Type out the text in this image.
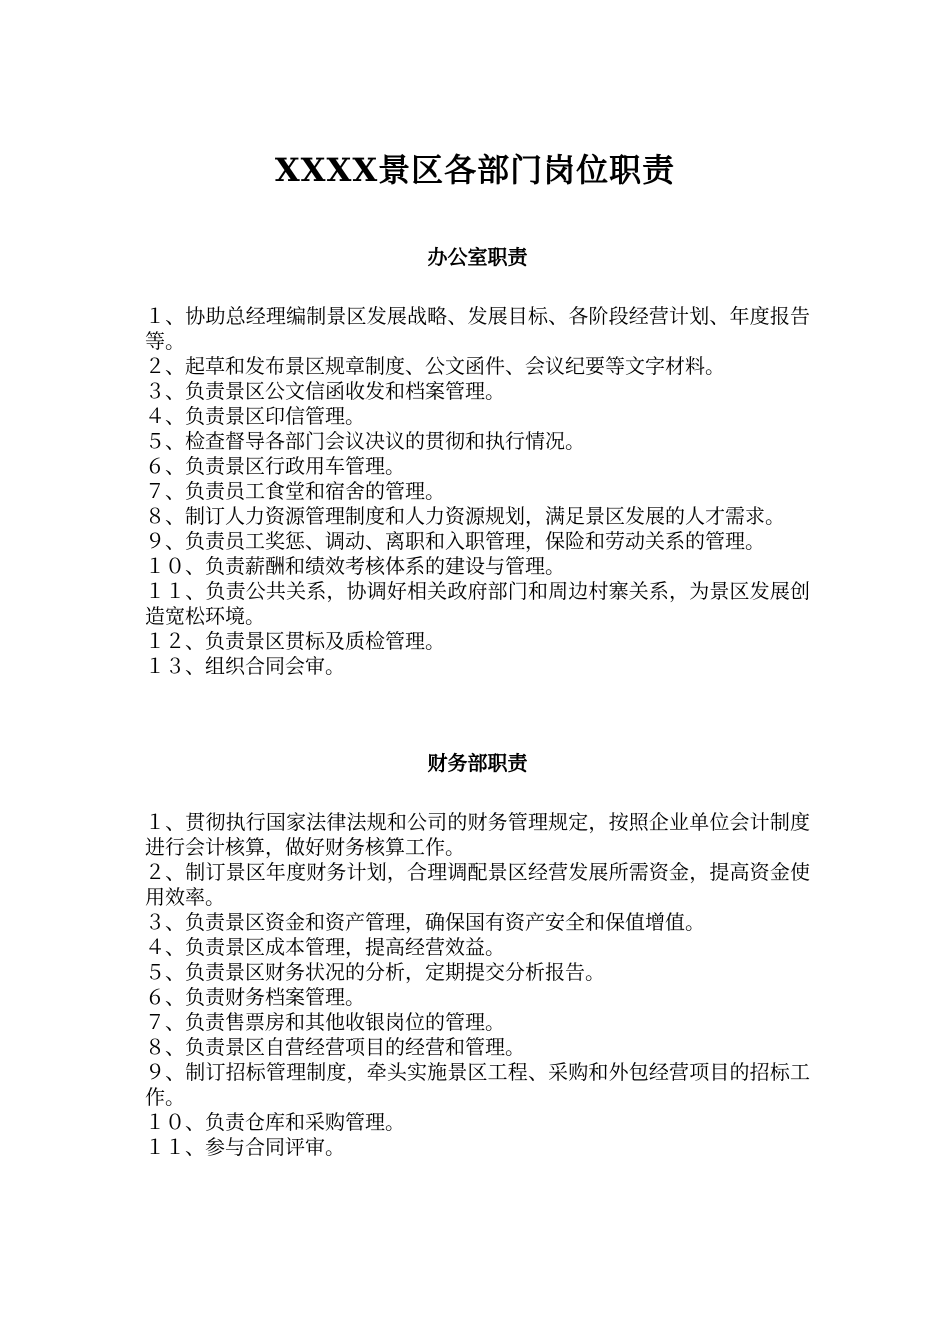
XXXX景区各部门岗位职责
办公室职责
１、协助总经理编制景区发展战略、发展目标、各阶段经营计划、年度报告等。
２、起草和发布景区规章制度、公文函件、会议纪要等文字材料。
３、负责景区公文信函收发和档案管理。
４、负责景区印信管理。
５、检查督导各部门会议决议的贯彻和执行情况。
６、负责景区行政用车管理。
７、负责员工食堂和宿舍的管理。
８、制订人力资源管理制度和人力资源规划，满足景区发展的人才需求。
９、负责员工奖惩、调动、离职和入职管理，保险和劳动关系的管理。
１０、负责薪酬和绩效考核体系的建设与管理。
１１、负责公共关系，协调好相关政府部门和周边村寨关系，为景区发展创造宽松环境。
１２、负责景区贯标及质检管理。
１３、组织合同会审。
财务部职责
１、贯彻执行国家法律法规和公司的财务管理规定，按照企业单位会计制度进行会计核算，做好财务核算工作。
２、制订景区年度财务计划，合理调配景区经营发展所需资金，提高资金使用效率。
３、负责景区资金和资产管理，确保国有资产安全和保值增值。
４、负责景区成本管理，提高经营效益。
５、负责景区财务状况的分析，定期提交分析报告。
６、负责财务档案管理。
７、负责售票房和其他收银岗位的管理。
８、负责景区自营经营项目的经营和管理。
９、制订招标管理制度，牵头实施景区工程、采购和外包经营项目的招标工作。
１０、负责仓库和采购管理。
１１、参与合同评审。
